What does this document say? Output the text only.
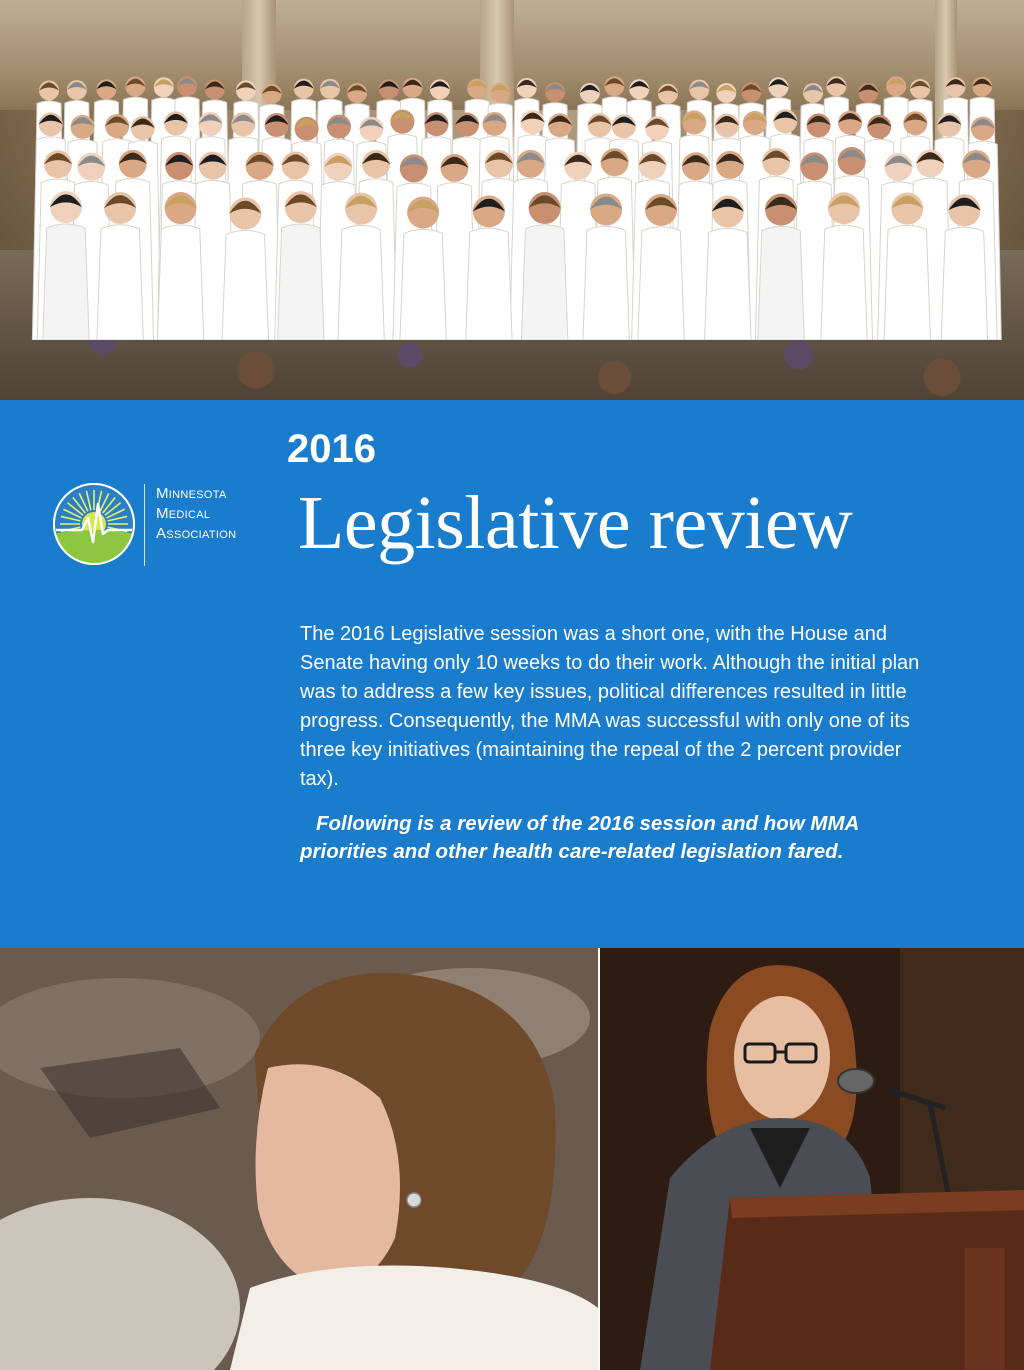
Minnesota
Medical
Association
2016
Legislative review

The 2016 Legislative session was a short one, with the House and Senate having only 10 weeks to do their work. Although the initial plan was to address a few key issues, political differences resulted in little progress. Consequently, the MMA was successful with only one of its three key initiatives (maintaining the repeal of the 2 percent provider tax).

Following is a review of the 2016 session and how MMA priorities and other health care-related legislation fared.
